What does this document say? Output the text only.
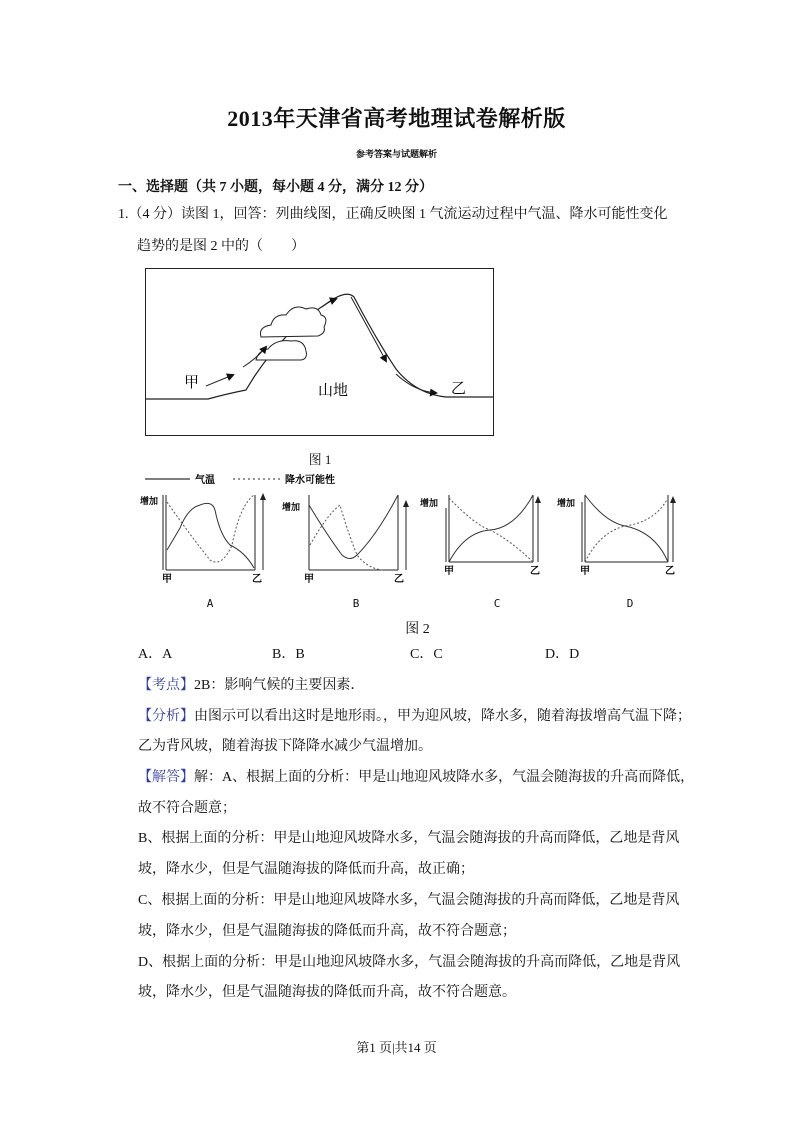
2013年天津省高考地理试卷解析版
参考答案与试题解析
一、选择题（共 7 小题，每小题 4 分，满分 12 分）
1.（4 分）读图 1，回答：列曲线图，正确反映图 1 气流运动过程中气温、降水可能性变化
趋势的是图 2 中的（　　）
甲	山地	乙
图 1
气温	降水可能性
增加
甲	乙
增加
甲	乙
增加
甲	乙
增加
甲	乙
A	B	C	D
图 2
A．A	B．B	C．C	D．D
【考点】2B：影响气候的主要因素．
【分析】由图示可以看出这时是地形雨。，甲为迎风坡，降水多，随着海拔增高气温下降；
乙为背风坡，随着海拔下降降水减少气温增加。
【解答】解：A、根据上面的分析：甲是山地迎风坡降水多，气温会随海拔的升高而降低，
故不符合题意；
B、根据上面的分析：甲是山地迎风坡降水多，气温会随海拔的升高而降低，乙地是背风
坡，降水少，但是气温随海拔的降低而升高，故正确；
C、根据上面的分析：甲是山地迎风坡降水多，气温会随海拔的升高而降低，乙地是背风
坡，降水少，但是气温随海拔的降低而升高，故不符合题意；
D、根据上面的分析：甲是山地迎风坡降水多，气温会随海拔的升高而降低，乙地是背风
坡，降水少，但是气温随海拔的降低而升高，故不符合题意。
第1 页|共14 页
